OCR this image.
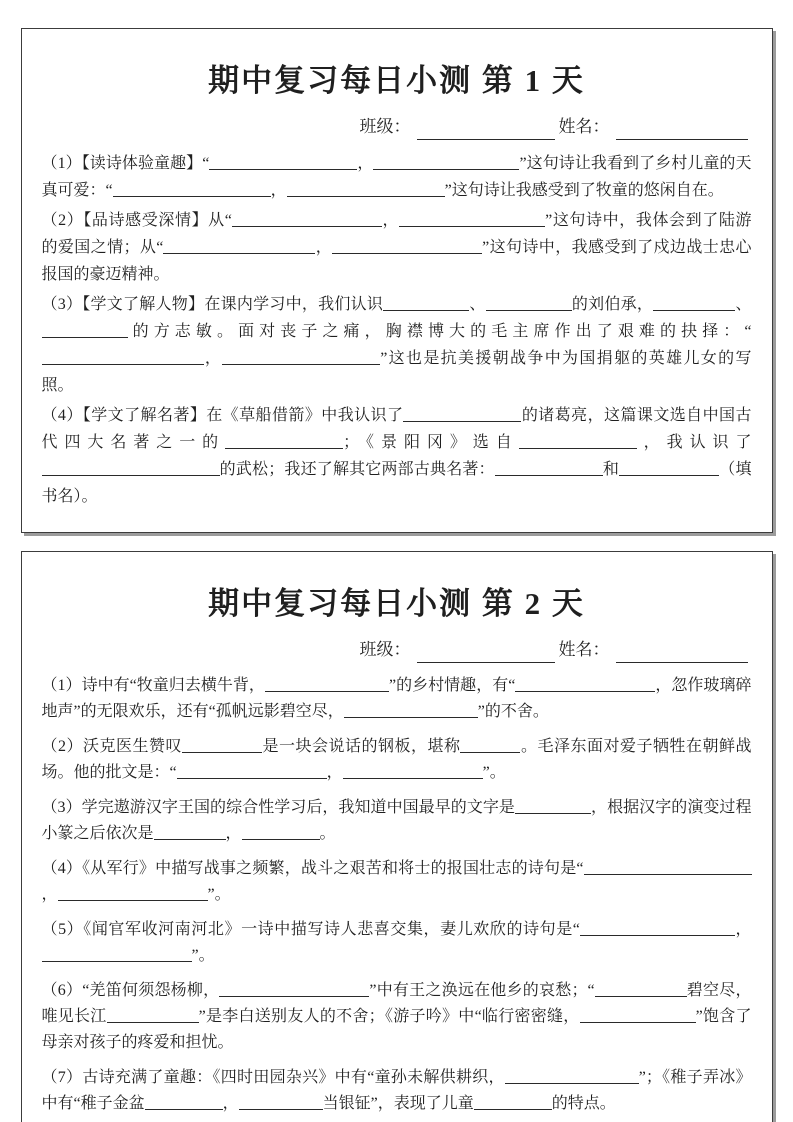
期中复习每日小测 第 1 天
班级：	姓名：

（1）【读诗体验童趣】“	，	”这句诗让我看到了乡村儿童的天真可爱：“	，	”这句诗让我感受到了牧童的悠闲自在。

（2）【品诗感受深情】从“	，	”这句诗中，我体会到了陆游的爱国之情；从“	，	”这句诗中，我感受到了戍边战士忠心报国的豪迈精神。

（3）【学文了解人物】在课内学习中，我们认识	、	的刘伯承，	、的方志敏。面对丧子之痛，胸襟博大的毛主席作出了艰难的抉择：“，	”这也是抗美援朝战争中为国捐躯的英雄儿女的写照。

（4）【学文了解名著】在《草船借箭》中我认识了	的诸葛亮，这篇课文选自中国古代四大名著之一的	；《景阳冈》选自	，我认识了的武松；我还了解其它两部古典名著：	和	（填书名）。

期中复习每日小测 第 2 天
班级：	姓名：

（1）诗中有“牧童归去横牛背，	”的乡村情趣，有“	，忽作玻璃碎地声”的无限欢乐，还有“孤帆远影碧空尽，	”的不舍。

（2）沃克医生赞叹	是一块会说话的钢板，堪称	。毛泽东面对爱子牺牲在朝鲜战场。他的批文是：“	，	”。

（3）学完遨游汉字王国的综合性学习后，我知道中国最早的文字是	，根据汉字的演变过程小篆之后依次是	，	。

（4）《从军行》中描写战事之频繁，战斗之艰苦和将士的报国壮志的诗句是“，	”。

（5）《闻官军收河南河北》一诗中描写诗人悲喜交集，妻儿欢欣的诗句是“	，”。

（6）“羌笛何须怨杨柳，	”中有王之涣远在他乡的哀愁；“	碧空尽，唯见长江	”是李白送别友人的不舍；《游子吟》中“临行密密缝，	”饱含了母亲对孩子的疼爱和担忧。

（7）古诗充满了童趣：《四时田园杂兴》中有“童孙未解供耕织，	”；《稚子弄冰》中有“稚子金盆	，	当银钲”，表现了儿童	的特点。
